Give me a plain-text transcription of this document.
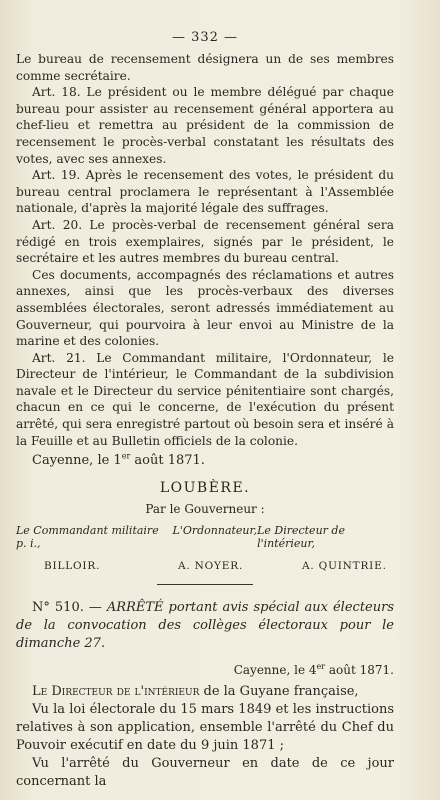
— 332 —

Le bureau de recensement désignera un de ses membres comme secrétaire.

Art. 18. Le président ou le membre délégué par chaque bureau pour assister au recensement général apportera au chef-lieu et remettra au président de la commission de recensement le procès-verbal constatant les résultats des votes, avec ses annexes.

Art. 19. Après le recensement des votes, le président du bureau central proclamera le représentant à l'Assemblée nationale, d'après la majorité légale des suffrages.

Art. 20. Le procès-verbal de recensement général sera rédigé en trois exemplaires, signés par le président, le secrétaire et les autres membres du bureau central.

Ces documents, accompagnés des réclamations et autres annexes, ainsi que les procès-verbaux des diverses assemblées électorales, seront adressés immédiatement au Gouverneur, qui pourvoira à leur envoi au Ministre de la marine et des colonies.

Art. 21. Le Commandant militaire, l'Ordonnateur, le Directeur de l'intérieur, le Commandant de la subdivision navale et le Directeur du service pénitentiaire sont chargés, chacun en ce qui le concerne, de l'exécution du présent arrêté, qui sera enregistré partout où besoin sera et inséré à la Feuille et au Bulletin officiels de la colonie.

Cayenne, le 1er août 1871.
LOUBÈRE.
Par le Gouverneur :
Le Commandant militaire p. i.,
L'Ordonnateur, Le Directeur de l'intérieur,
BILLOIR.	A. NOYER.	A. QUINTRIE.

N° 510. — ARRÊTÉ portant avis spécial aux électeurs de la convocation des collèges électoraux pour le dimanche 27.

Cayenne, le 4er août 1871.

Le Directeur de l'intérieur de la Guyane française,

Vu la loi électorale du 15 mars 1849 et les instructions relatives à son application, ensemble l'arrêté du Chef du Pouvoir exécutif en date du 9 juin 1871 ;

Vu l'arrêté du Gouverneur en date de ce jour concernant la
